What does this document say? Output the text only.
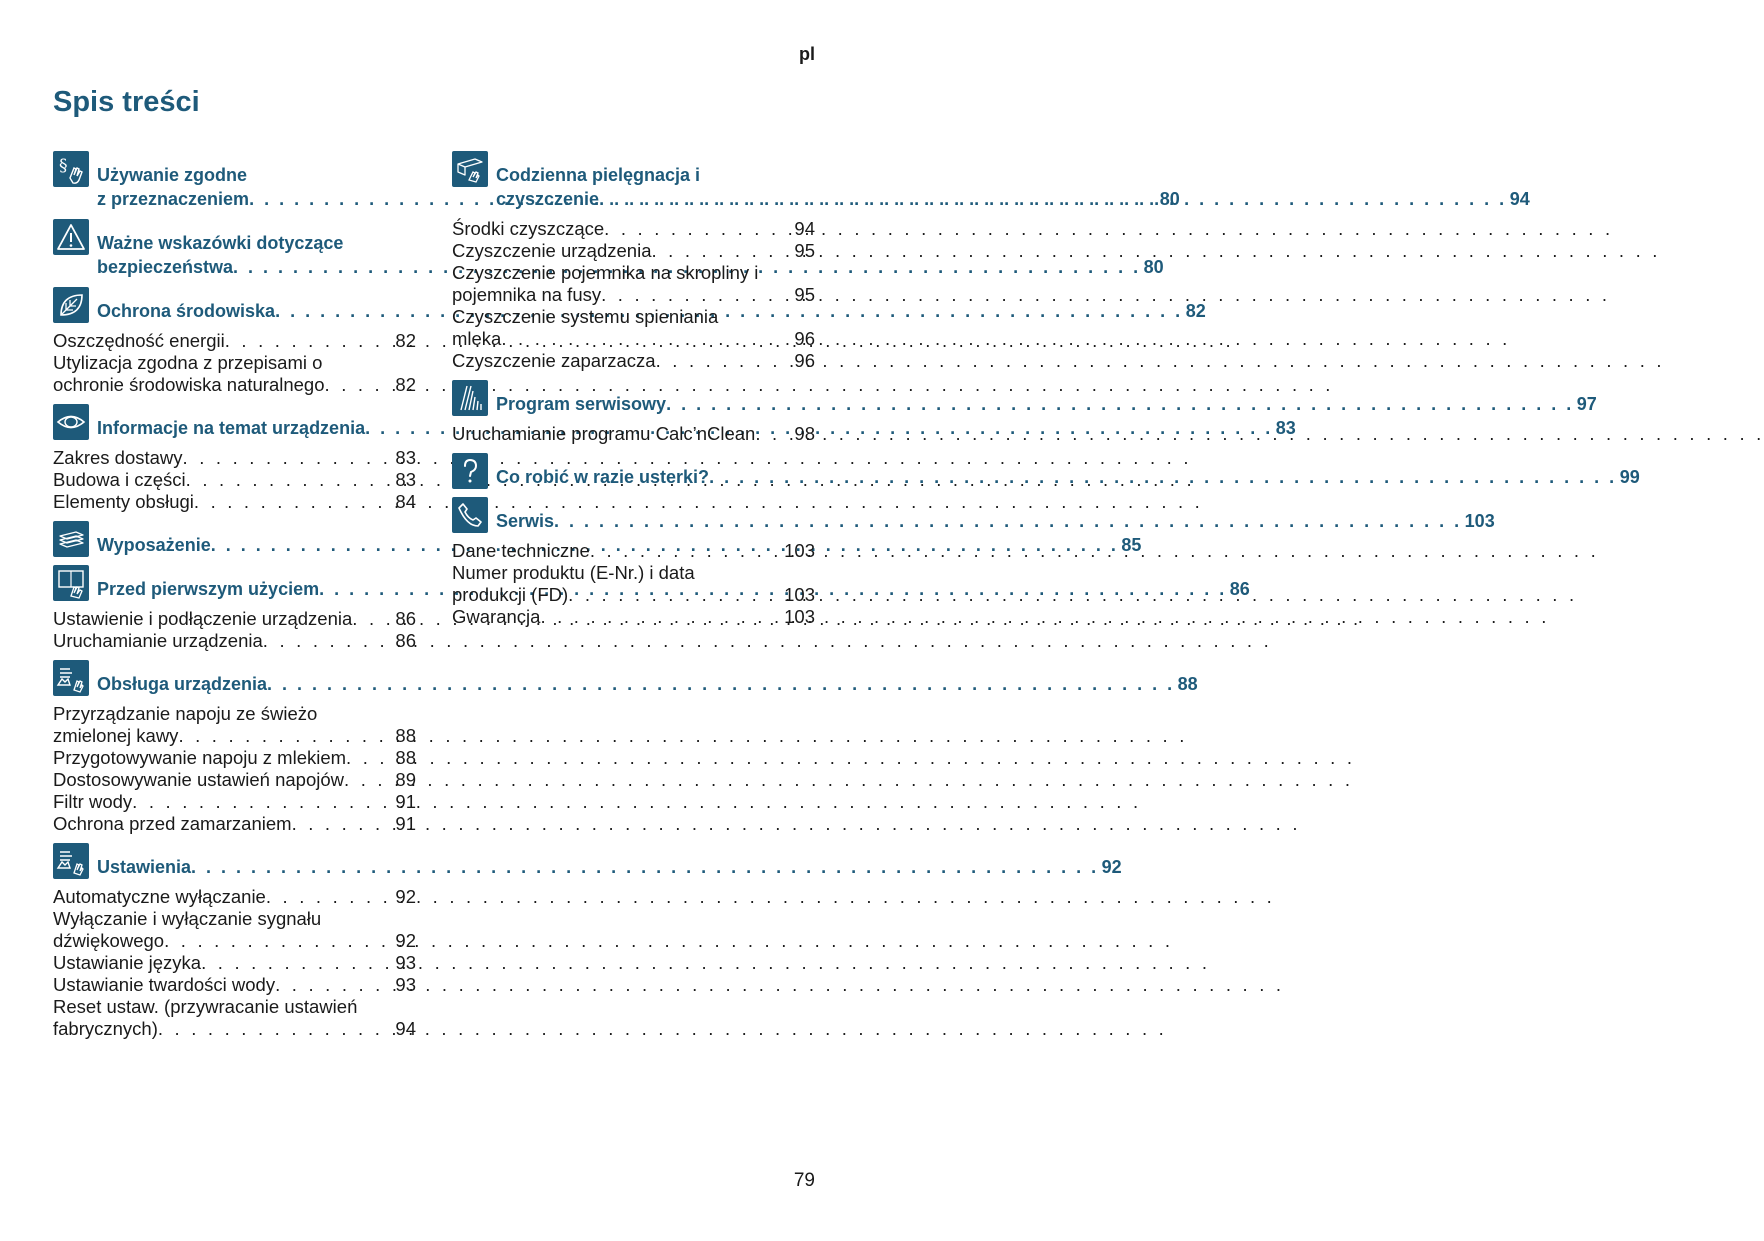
pl
Spis treści
§ Używanie zgodne
z przeznaczeniem . . .	80
Ważne wskazówki dotyczące
bezpieczeństwa . . .	80
Ochrona środowiska . . .	82
Oszczędność energii . . .	82
Utylizacja zgodna z przepisami o
ochronie środowiska naturalnego . . .	82
Informacje na temat urządzenia . . .	83
Zakres dostawy . . .	83
Budowa i części . . .	83
Elementy obsługi . . .	84
Wyposażenie . . .	85
Przed pierwszym użyciem . . .	86
Ustawienie i podłączenie urządzenia . . . 86
Uruchamianie urządzenia . . .	86
Obsługa urządzenia . . .	88
Przyrządzanie napoju ze świeżo
zmielonej kawy . . .	88
Przygotowywanie napoju z mlekiem . . .	88
Dostosowywanie ustawień napojów . . .	89
Filtr wody . . .	91
Ochrona przed zamarzaniem . . .	91
Ustawienia . . .	92
Automatyczne wyłączanie . . .	92
Wyłączanie i wyłączanie sygnału
dźwiękowego . . .	92
Ustawianie języka . . .	93
Ustawianie twardości wody . . .	93
Reset ustaw. (przywracanie ustawień
fabrycznych) . . .	94
Codzienna pielęgnacja i
czyszczenie . . .	94
Środki czyszczące . . .	94
Czyszczenie urządzenia . . .	95
Czyszczenie pojemnika na skropliny i
pojemnika na fusy . . .	95
Czyszczenie systemu spieniania
mleka . . .	96
Czyszczenie zaparzacza . . .	96
Program serwisowy . . .	97
Uruchamianie programu Calc’nClean . . . 98
Co robić w razie usterki? . . .	99
Serwis . . .	103
Dane techniczne . . .	103
Numer produktu (E-Nr.) i data
produkcji (FD) . . .	103
Gwarancja . . .	103
79
